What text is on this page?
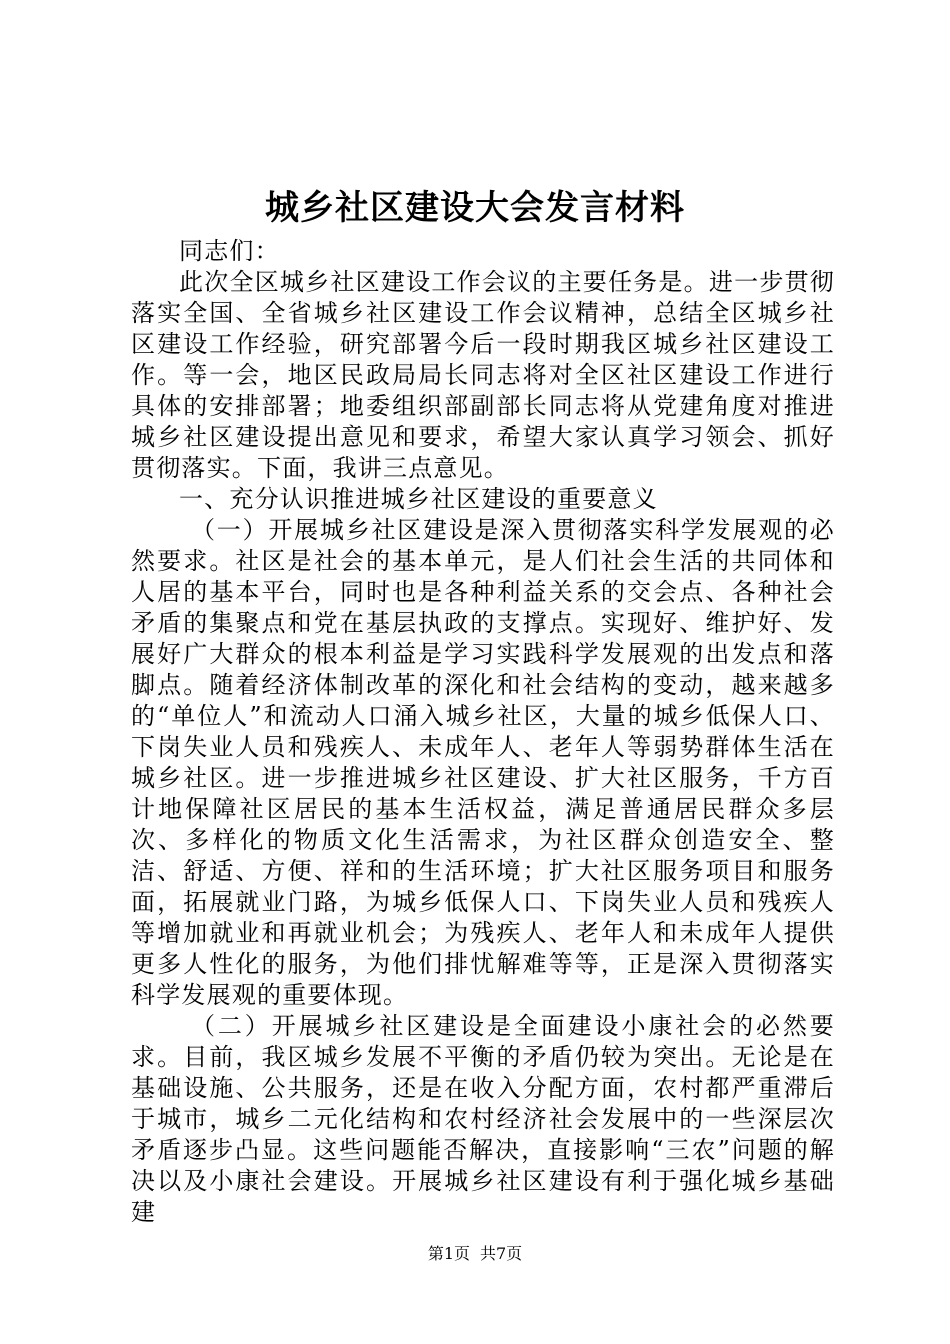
城乡社区建设大会发言材料

同志们：

此次全区城乡社区建设工作会议的主要任务是。进一步贯彻落实全国、全省城乡社区建设工作会议精神，总结全区城乡社区建设工作经验，研究部署今后一段时期我区城乡社区建设工作。等一会，地区民政局局长同志将对全区社区建设工作进行具体的安排部署；地委组织部副部长同志将从党建角度对推进城乡社区建设提出意见和要求，希望大家认真学习领会、抓好贯彻落实。下面，我讲三点意见。

一、充分认识推进城乡社区建设的重要意义

（一）开展城乡社区建设是深入贯彻落实科学发展观的必然要求。社区是社会的基本单元，是人们社会生活的共同体和人居的基本平台，同时也是各种利益关系的交会点、各种社会矛盾的集聚点和党在基层执政的支撑点。实现好、维护好、发展好广大群众的根本利益是学习实践科学发展观的出发点和落脚点。随着经济体制改革的深化和社会结构的变动，越来越多的“单位人”和流动人口涌入城乡社区，大量的城乡低保人口、下岗失业人员和残疾人、未成年人、老年人等弱势群体生活在城乡社区。进一步推进城乡社区建设、扩大社区服务，千方百计地保障社区居民的基本生活权益，满足普通居民群众多层次、多样化的物质文化生活需求，为社区群众创造安全、整洁、舒适、方便、祥和的生活环境；扩大社区服务项目和服务面，拓展就业门路，为城乡低保人口、下岗失业人员和残疾人等增加就业和再就业机会；为残疾人、老年人和未成年人提供更多人性化的服务，为他们排忧解难等等，正是深入贯彻落实科学发展观的重要体现。

（二）开展城乡社区建设是全面建设小康社会的必然要求。目前，我区城乡发展不平衡的矛盾仍较为突出。无论是在基础设施、公共服务，还是在收入分配方面，农村都严重滞后于城市，城乡二元化结构和农村经济社会发展中的一些深层次矛盾逐步凸显。这些问题能否解决，直接影响“三农”问题的解决以及小康社会建设。开展城乡社区建设有利于强化城乡基础建

第1页 共7页
